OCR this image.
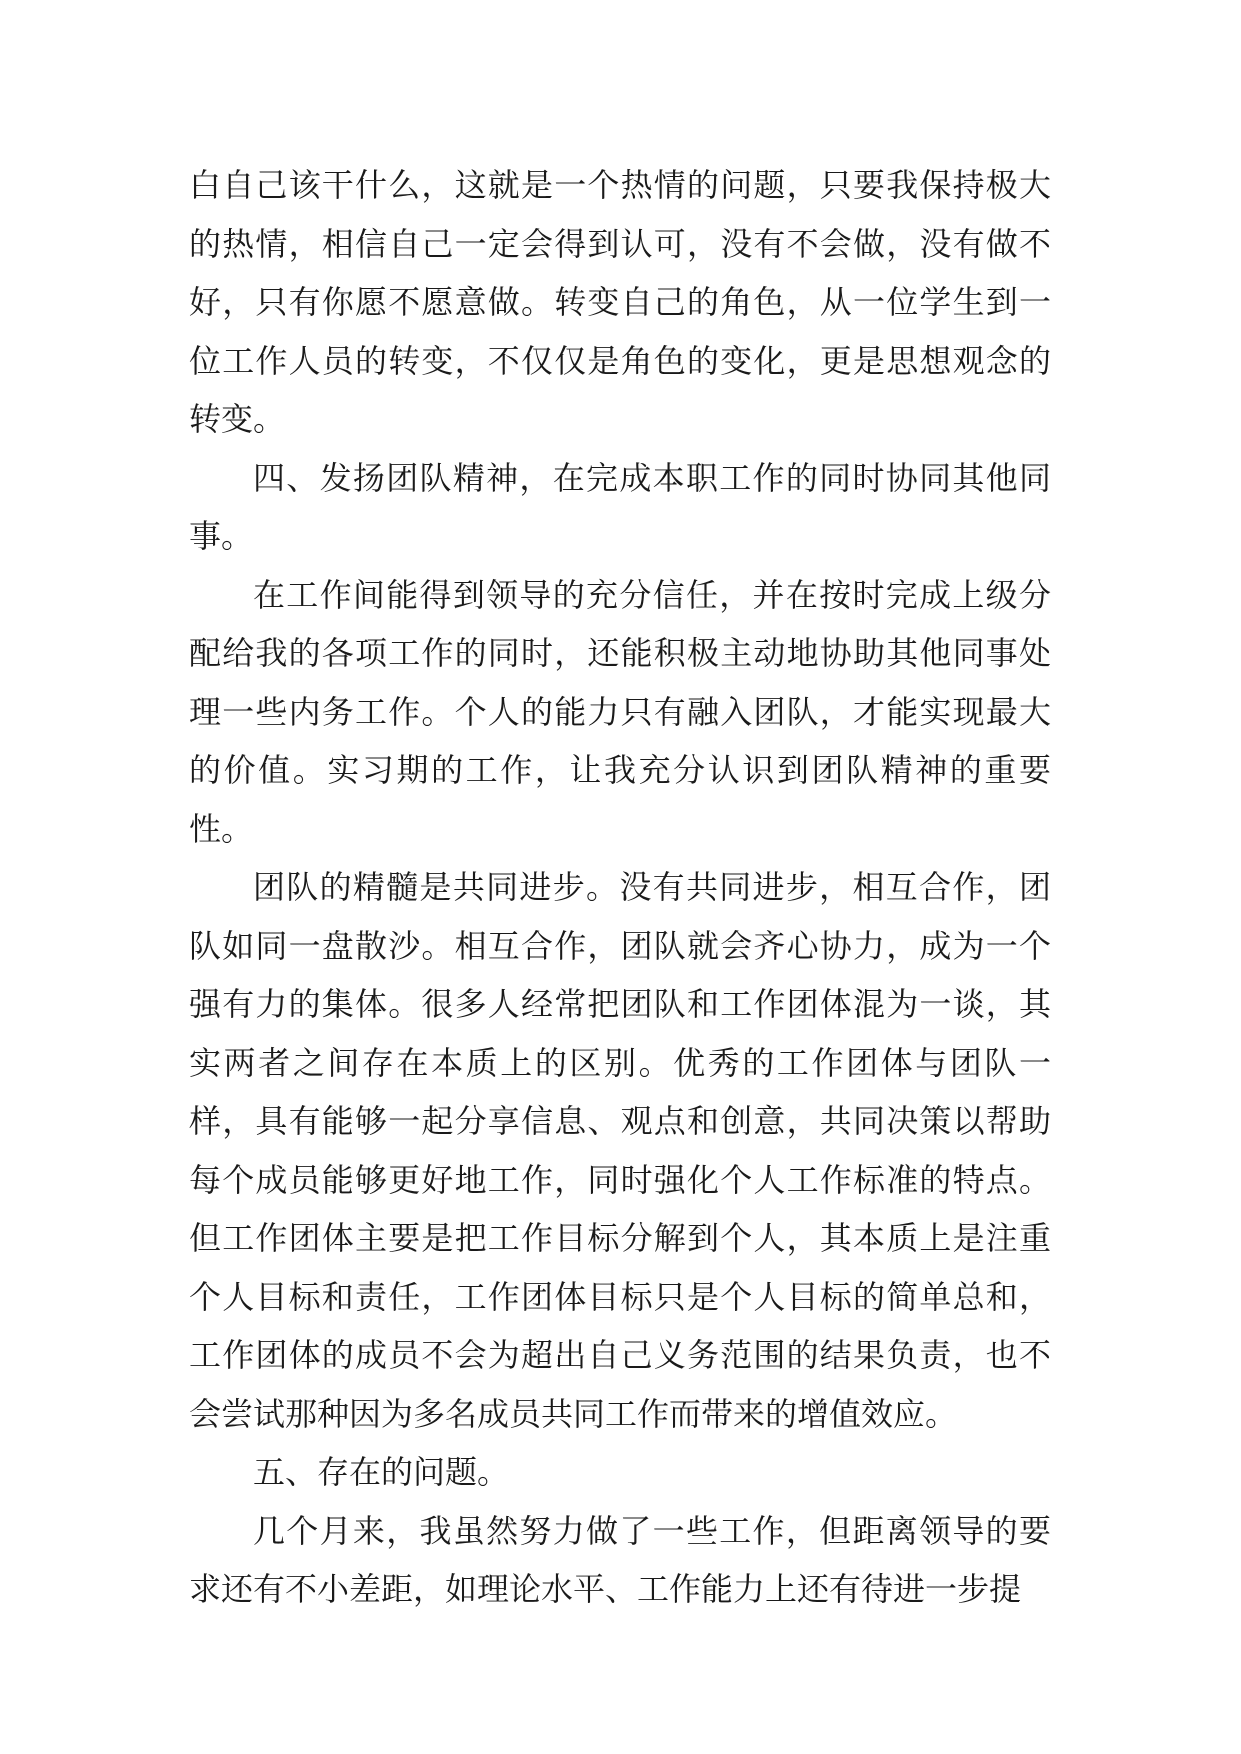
白自己该干什么，这就是一个热情的问题，只要我保持极大的热情，相信自己一定会得到认可，没有不会做，没有做不好，只有你愿不愿意做。转变自己的角色，从一位学生到一位工作人员的转变，不仅仅是角色的变化，更是思想观念的转变。

四、发扬团队精神，在完成本职工作的同时协同其他同事。

在工作间能得到领导的充分信任，并在按时完成上级分配给我的各项工作的同时，还能积极主动地协助其他同事处理一些内务工作。个人的能力只有融入团队，才能实现最大的价值。实习期的工作，让我充分认识到团队精神的重要性。

团队的精髓是共同进步。没有共同进步，相互合作，团队如同一盘散沙。相互合作，团队就会齐心协力，成为一个强有力的集体。很多人经常把团队和工作团体混为一谈，其实两者之间存在本质上的区别。优秀的工作团体与团队一样，具有能够一起分享信息、观点和创意，共同决策以帮助每个成员能够更好地工作，同时强化个人工作标准的特点。但工作团体主要是把工作目标分解到个人，其本质上是注重个人目标和责任，工作团体目标只是个人目标的简单总和，工作团体的成员不会为超出自己义务范围的结果负责，也不会尝试那种因为多名成员共同工作而带来的增值效应。

五、存在的问题。

几个月来，我虽然努力做了一些工作，但距离领导的要求还有不小差距，如理论水平、工作能力上还有待进一步提
